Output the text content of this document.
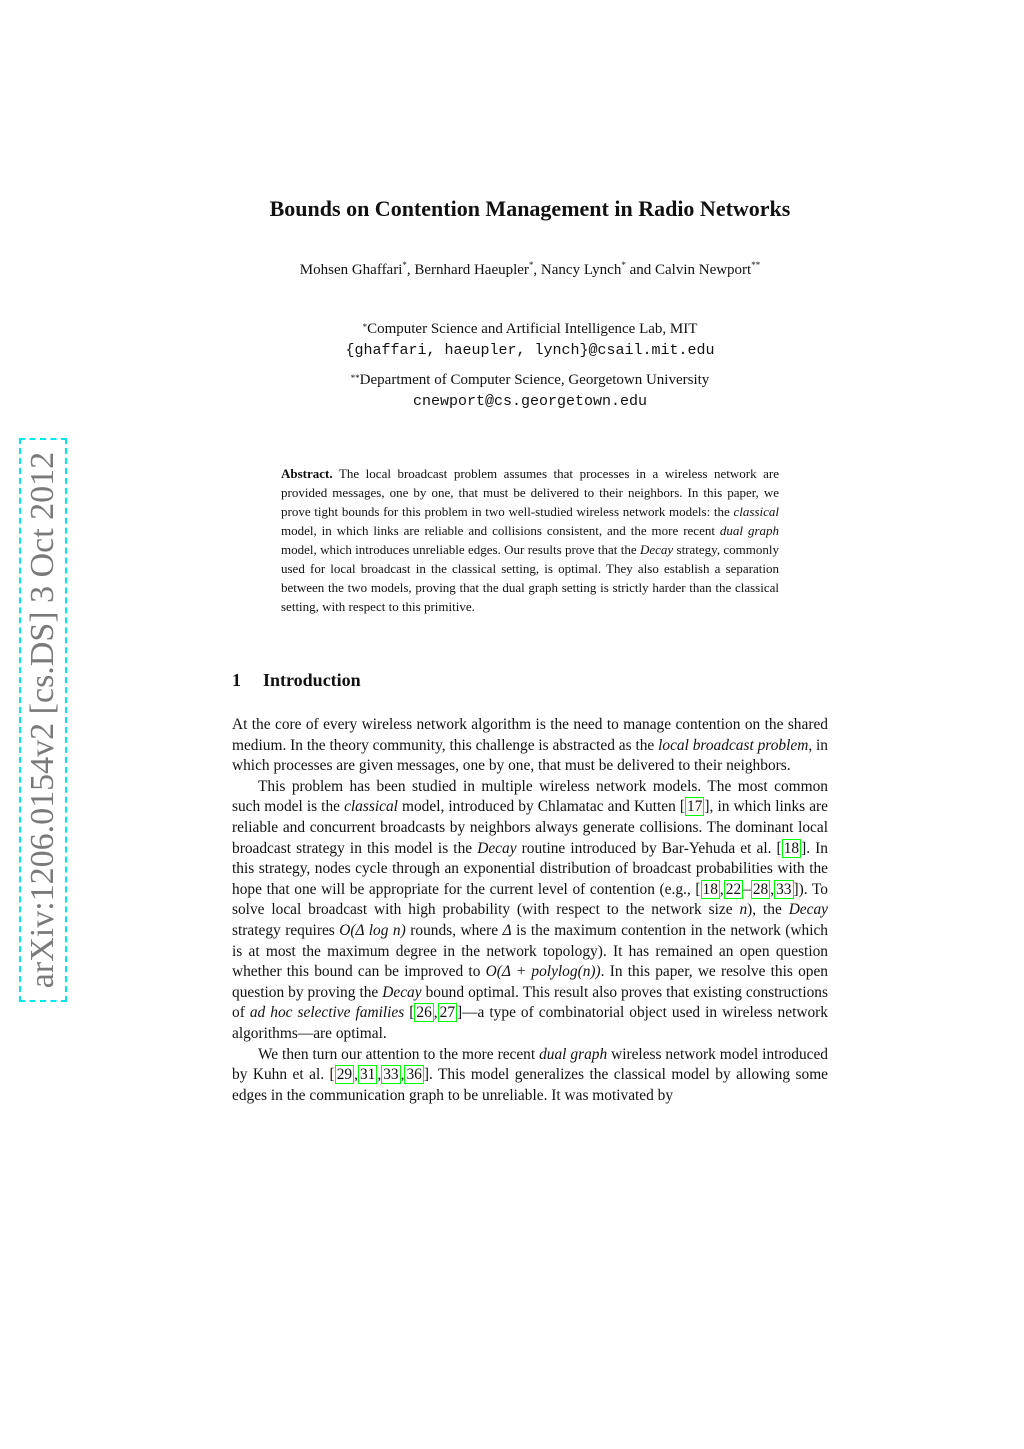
arXiv:1206.0154v2 [cs.DS] 3 Oct 2012
Bounds on Contention Management in Radio Networks
Mohsen Ghaffari*, Bernhard Haeupler*, Nancy Lynch* and Calvin Newport**
*Computer Science and Artificial Intelligence Lab, MIT
{ghaffari, haeupler, lynch}@csail.mit.edu
**Department of Computer Science, Georgetown University
cnewport@cs.georgetown.edu
Abstract. The local broadcast problem assumes that processes in a wireless network are provided messages, one by one, that must be delivered to their neighbors. In this paper, we prove tight bounds for this problem in two well-studied wireless network models: the classical model, in which links are reliable and collisions consistent, and the more recent dual graph model, which introduces unreliable edges. Our results prove that the Decay strategy, commonly used for local broadcast in the classical setting, is optimal. They also establish a separation between the two models, proving that the dual graph setting is strictly harder than the classical setting, with respect to this primitive.
1 Introduction

At the core of every wireless network algorithm is the need to manage contention on the shared medium. In the theory community, this challenge is abstracted as the local broadcast problem, in which processes are given messages, one by one, that must be delivered to their neighbors.

This problem has been studied in multiple wireless network models. The most common such model is the classical model, introduced by Chlamatac and Kutten [ 17 ], in which links are reliable and concurrent broadcasts by neighbors always generate collisions. The dominant local broadcast strategy in this model is the Decay routine introduced by Bar-Yehuda et al. [ 18 ]. In this strategy, nodes cycle through an exponential distribution of broadcast probabilities with the hope that one will be appropriate for the current level of contention (e.g., [ 18 , 22 – 28 , 33 ]). To solve local broadcast with high probability (with respect to the network size n), the Decay strategy requires O(Δ log n) rounds, where Δ is the maximum contention in the network (which is at most the maximum degree in the network topology). It has remained an open question whether this bound can be improved to O(Δ + polylog(n)). In this paper, we resolve this open question by proving the Decay bound optimal. This result also proves that existing constructions of ad hoc selective families [ 26 , 27 ]—a type of combinatorial object used in wireless network algorithms—are optimal.

We then turn our attention to the more recent dual graph wireless network model introduced by Kuhn et al. [ 29 , 31 , 33 , 36 ]. This model generalizes the classical model by allowing some edges in the communication graph to be unreliable. It was motivated by
